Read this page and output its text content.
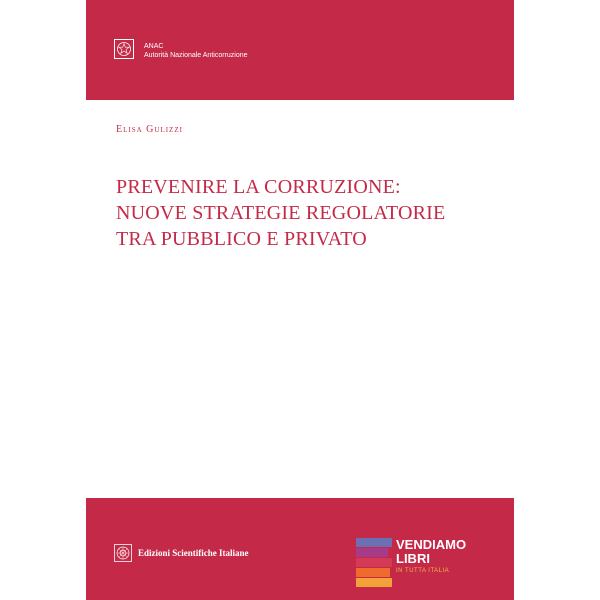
ANAC
Autorità Nazionale Anticorruzione
Elisa Gulizzi
PREVENIRE LA CORRUZIONE:
NUOVE STRATEGIE REGOLATORIE
TRA PUBBLICO E PRIVATO
Edizioni Scientifiche Italiane
VENDIAMO
LIBRI
IN TUTTA ITALIA
